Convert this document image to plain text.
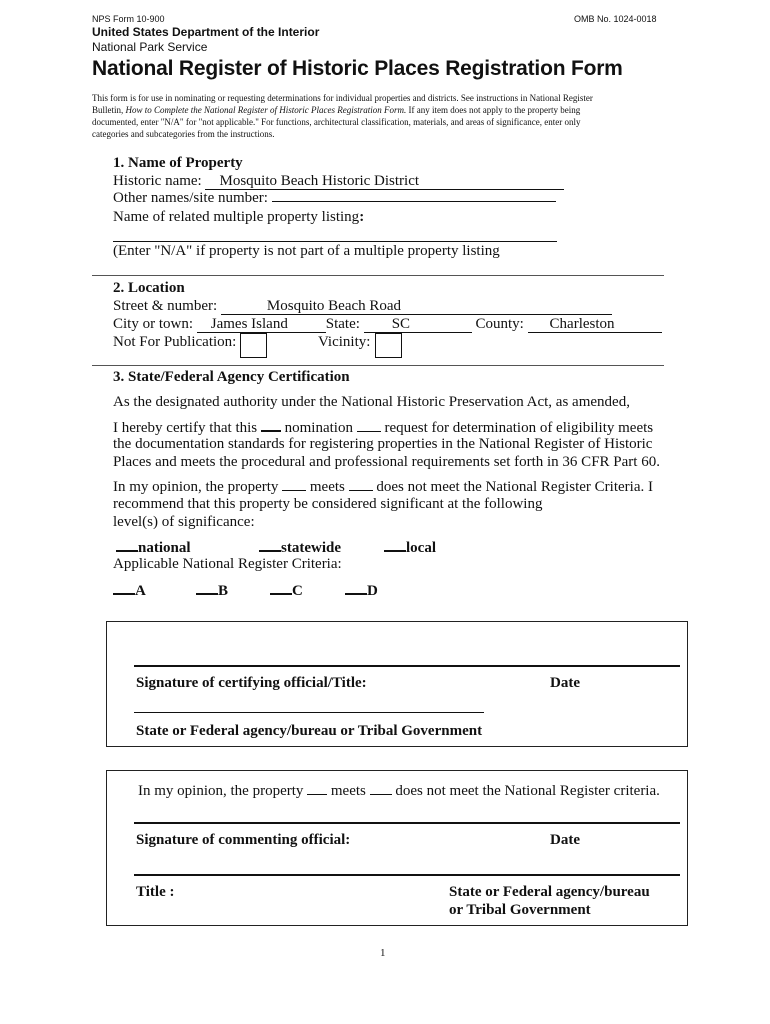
NPS Form 10-900	OMB No. 1024-0018
United States Department of the Interior
National Park Service
National Register of Historic Places Registration Form
This form is for use in nominating or requesting determinations for individual properties and districts. See instructions in National Register
Bulletin, How to Complete the National Register of Historic Places Registration Form. If any item does not apply to the property being
documented, enter "N/A" for "not applicable." For functions, architectural classification, materials, and areas of significance, enter only
categories and subcategories from the instructions.
1. Name of Property
Historic name: Mosquito Beach Historic District
Other names/site number:
Name of related multiple property listing:
(Enter "N/A" if property is not part of a multiple property listing
2. Location
Street & number:	Mosquito Beach Road
City or town: James Island	State: SC	County: Charleston
Not For Publication:	Vicinity:
3. State/Federal Agency Certification
As the designated authority under the National Historic Preservation Act, as amended,
I hereby certify that this nomination request for determination of eligibility meets
the documentation standards for registering properties in the National Register of Historic
Places and meets the procedural and professional requirements set forth in 36 CFR Part 60.
In my opinion, the property meets does not meet the National Register Criteria. I
recommend that this property be considered significant at the following
level(s) of significance:
national	statewide	local
Applicable National Register Criteria:
A	B	C	D
Signature of certifying official/Title:	Date
State or Federal agency/bureau or Tribal Government
In my opinion, the property meets does not meet the National Register criteria.
Signature of commenting official:	Date
Title :	State or Federal agency/bureau
or Tribal Government
1
